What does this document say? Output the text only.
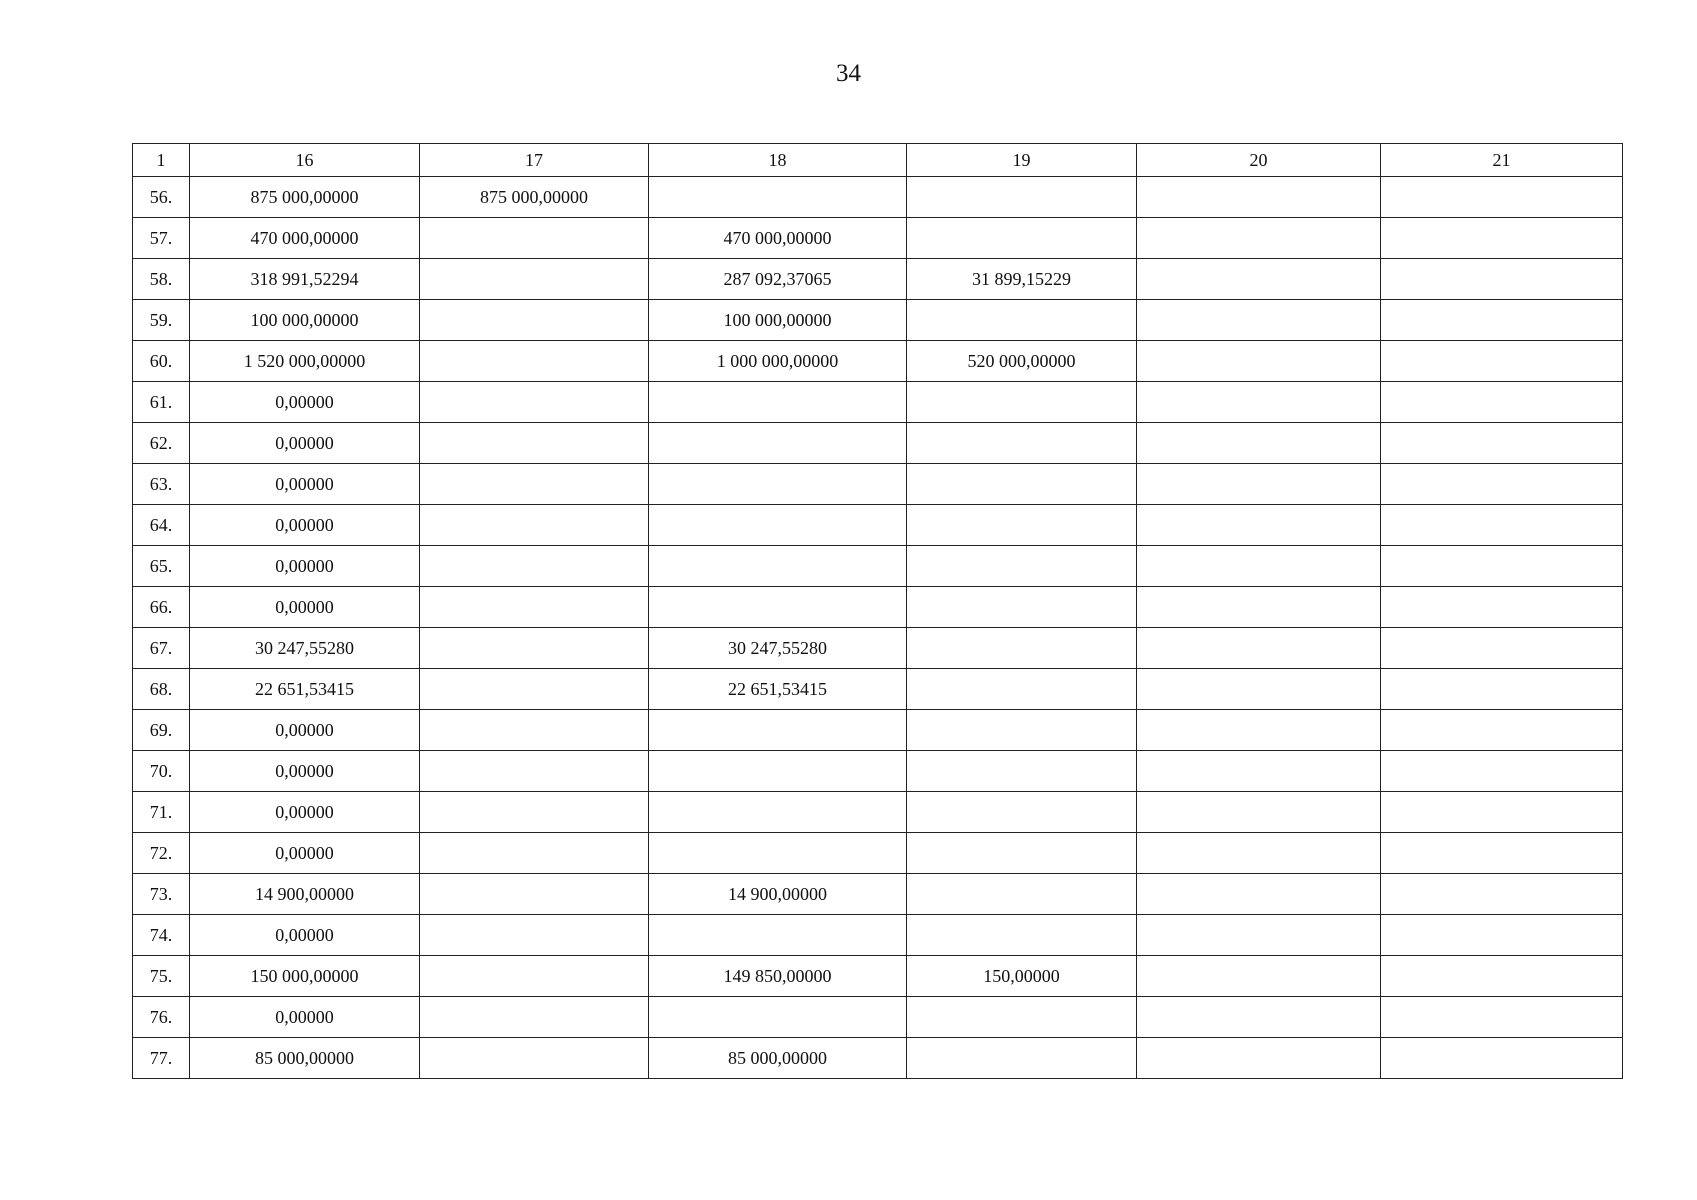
34
1	16	17	18	19	20	21
56.	875 000,00000	875 000,00000				
57.	470 000,00000		470 000,00000			
58.	318 991,52294		287 092,37065	31 899,15229		
59.	100 000,00000		100 000,00000			
60.	1 520 000,00000		1 000 000,00000	520 000,00000		
61.	0,00000					
62.	0,00000					
63.	0,00000					
64.	0,00000					
65.	0,00000					
66.	0,00000					
67.	30 247,55280		30 247,55280			
68.	22 651,53415		22 651,53415			
69.	0,00000					
70.	0,00000					
71.	0,00000					
72.	0,00000					
73.	14 900,00000		14 900,00000			
74.	0,00000					
75.	150 000,00000		149 850,00000	150,00000		
76.	0,00000					
77.	85 000,00000		85 000,00000			
